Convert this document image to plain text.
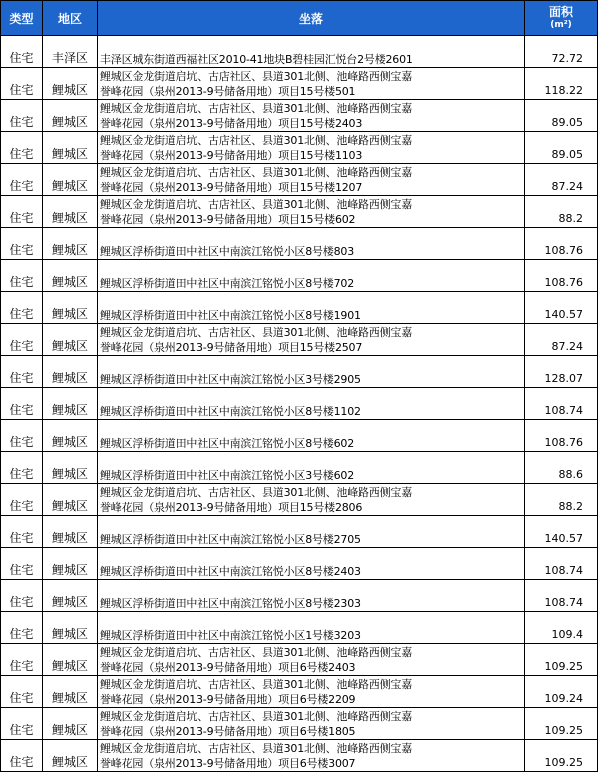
类型	地区	坐落	面积
(m²)

住宅	丰泽区	丰泽区城东街道西福社区2010-41地块B碧桂园汇悦台2号楼2601	72.72
住宅	鲤城区	鲤城区金龙街道启坑、古店社区、县道301北侧、池峰路西侧宝嘉
誉峰花园（泉州2013-9号储备用地）项目15号楼501	118.22
住宅	鲤城区	鲤城区金龙街道启坑、古店社区、县道301北侧、池峰路西侧宝嘉
誉峰花园（泉州2013-9号储备用地）项目15号楼2403	89.05
住宅	鲤城区	鲤城区金龙街道启坑、古店社区、县道301北侧、池峰路西侧宝嘉
誉峰花园（泉州2013-9号储备用地）项目15号楼1103	89.05
住宅	鲤城区	鲤城区金龙街道启坑、古店社区、县道301北侧、池峰路西侧宝嘉
誉峰花园（泉州2013-9号储备用地）项目15号楼1207	87.24
住宅	鲤城区	鲤城区金龙街道启坑、古店社区、县道301北侧、池峰路西侧宝嘉
誉峰花园（泉州2013-9号储备用地）项目15号楼602	88.2
住宅	鲤城区	鲤城区浮桥街道田中社区中南滨江铭悦小区8号楼803	108.76
住宅	鲤城区	鲤城区浮桥街道田中社区中南滨江铭悦小区8号楼702	108.76
住宅	鲤城区	鲤城区浮桥街道田中社区中南滨江铭悦小区8号楼1901	140.57
住宅	鲤城区	鲤城区金龙街道启坑、古店社区、县道301北侧、池峰路西侧宝嘉
誉峰花园（泉州2013-9号储备用地）项目15号楼2507	87.24
住宅	鲤城区	鲤城区浮桥街道田中社区中南滨江铭悦小区3号楼2905	128.07
住宅	鲤城区	鲤城区浮桥街道田中社区中南滨江铭悦小区8号楼1102	108.74
住宅	鲤城区	鲤城区浮桥街道田中社区中南滨江铭悦小区8号楼602	108.76
住宅	鲤城区	鲤城区浮桥街道田中社区中南滨江铭悦小区3号楼602	88.6
住宅	鲤城区	鲤城区金龙街道启坑、古店社区、县道301北侧、池峰路西侧宝嘉
誉峰花园（泉州2013-9号储备用地）项目15号楼2806	88.2
住宅	鲤城区	鲤城区浮桥街道田中社区中南滨江铭悦小区8号楼2705	140.57
住宅	鲤城区	鲤城区浮桥街道田中社区中南滨江铭悦小区8号楼2403	108.74
住宅	鲤城区	鲤城区浮桥街道田中社区中南滨江铭悦小区8号楼2303	108.74
住宅	鲤城区	鲤城区浮桥街道田中社区中南滨江铭悦小区1号楼3203	109.4
住宅	鲤城区	鲤城区金龙街道启坑、古店社区、县道301北侧、池峰路西侧宝嘉
誉峰花园（泉州2013-9号储备用地）项目6号楼2403	109.25
住宅	鲤城区	鲤城区金龙街道启坑、古店社区、县道301北侧、池峰路西侧宝嘉
誉峰花园（泉州2013-9号储备用地）项目6号楼2209	109.24
住宅	鲤城区	鲤城区金龙街道启坑、古店社区、县道301北侧、池峰路西侧宝嘉
誉峰花园（泉州2013-9号储备用地）项目6号楼1805	109.25
住宅	鲤城区	鲤城区金龙街道启坑、古店社区、县道301北侧、池峰路西侧宝嘉
誉峰花园（泉州2013-9号储备用地）项目6号楼3007	109.25
